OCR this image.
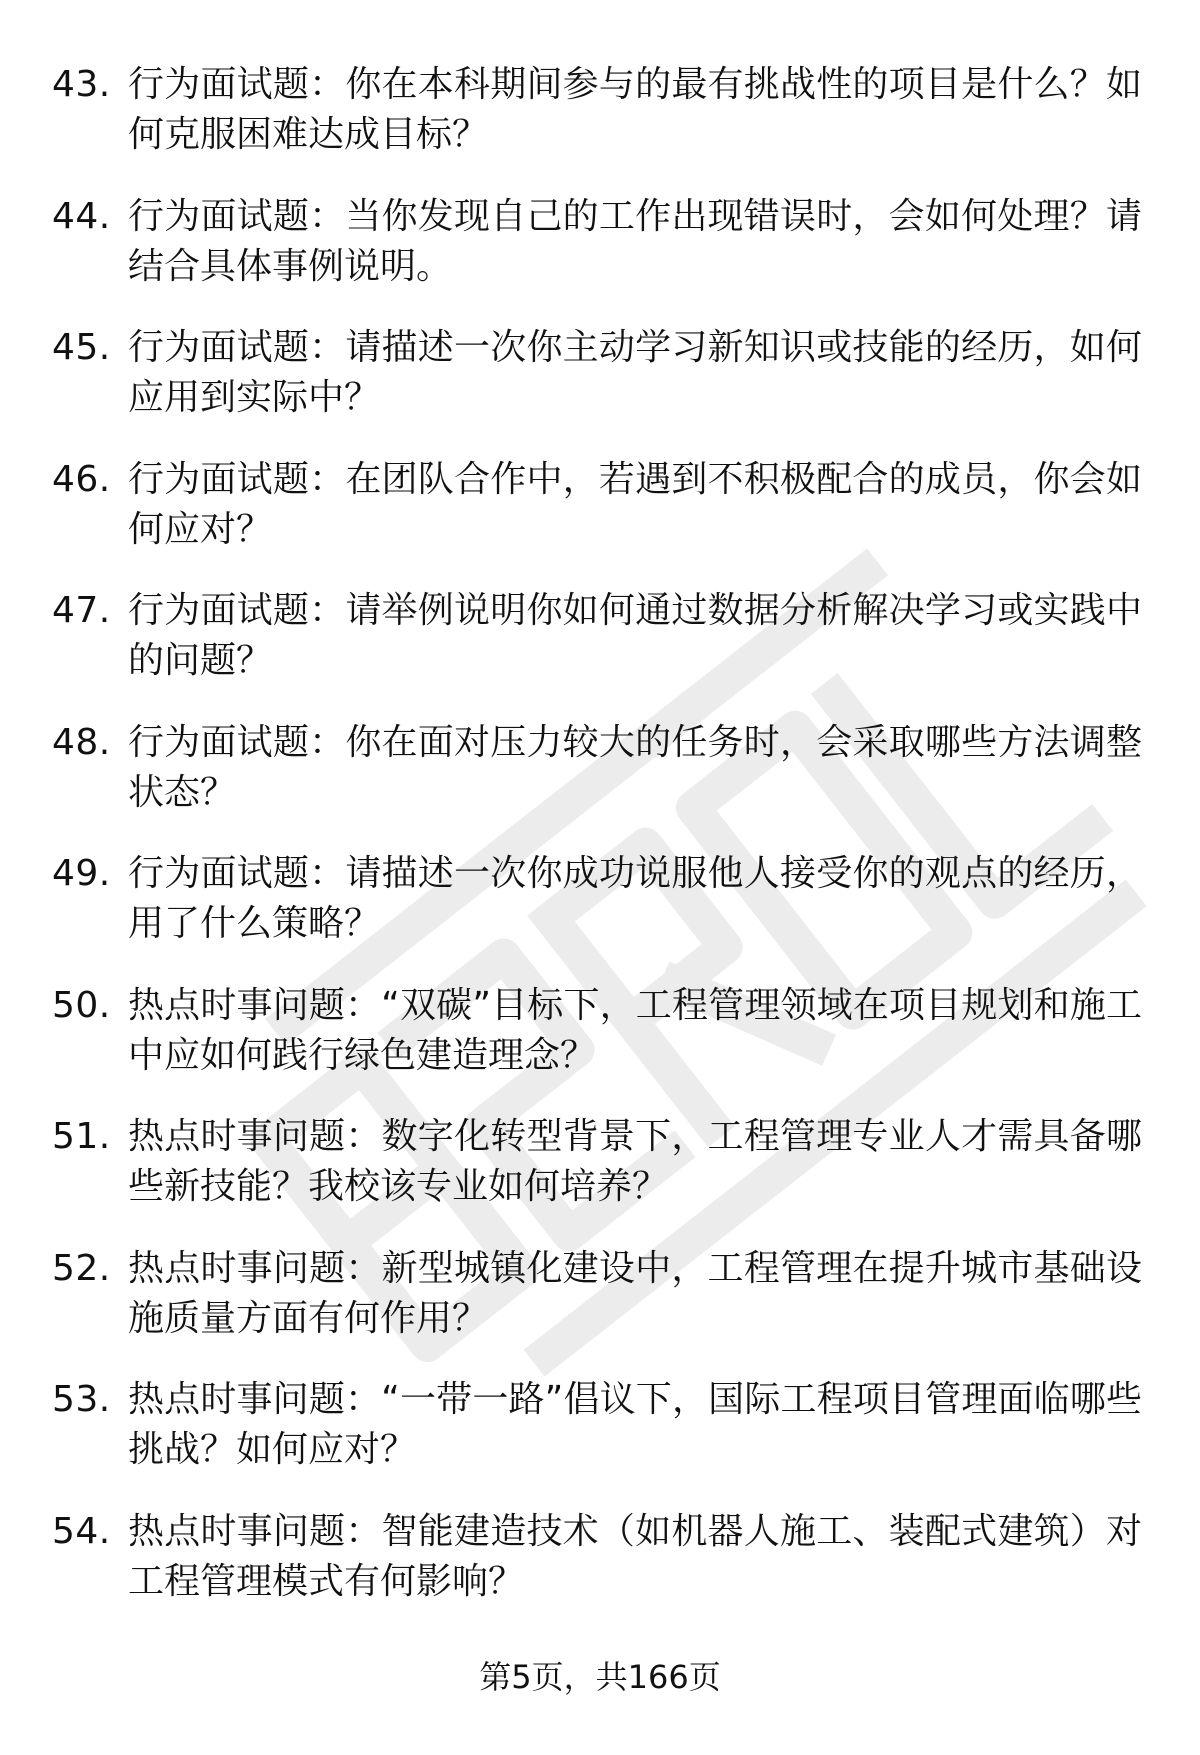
43. 行为面试题：你在本科期间参与的最有挑战性的项目是什么？如何克服困难达成目标？
44. 行为面试题：当你发现自己的工作出现错误时，会如何处理？请结合具体事例说明。
45. 行为面试题：请描述一次你主动学习新知识或技能的经历，如何应用到实际中？
46. 行为面试题：在团队合作中，若遇到不积极配合的成员，你会如何应对？
47. 行为面试题：请举例说明你如何通过数据分析解决学习或实践中的问题？
48. 行为面试题：你在面对压力较大的任务时，会采取哪些方法调整状态？
49. 行为面试题：请描述一次你成功说服他人接受你的观点的经历，用了什么策略？
50. 热点时事问题：“双碳”目标下，工程管理领域在项目规划和施工中应如何践行绿色建造理念？
51. 热点时事问题：数字化转型背景下，工程管理专业人才需具备哪些新技能？我校该专业如何培养？
52. 热点时事问题：新型城镇化建设中，工程管理在提升城市基础设施质量方面有何作用？
53. 热点时事问题：“一带一路”倡议下，国际工程项目管理面临哪些挑战？如何应对？
54. 热点时事问题：智能建造技术（如机器人施工、装配式建筑）对工程管理模式有何影响？
第5页，共166页
